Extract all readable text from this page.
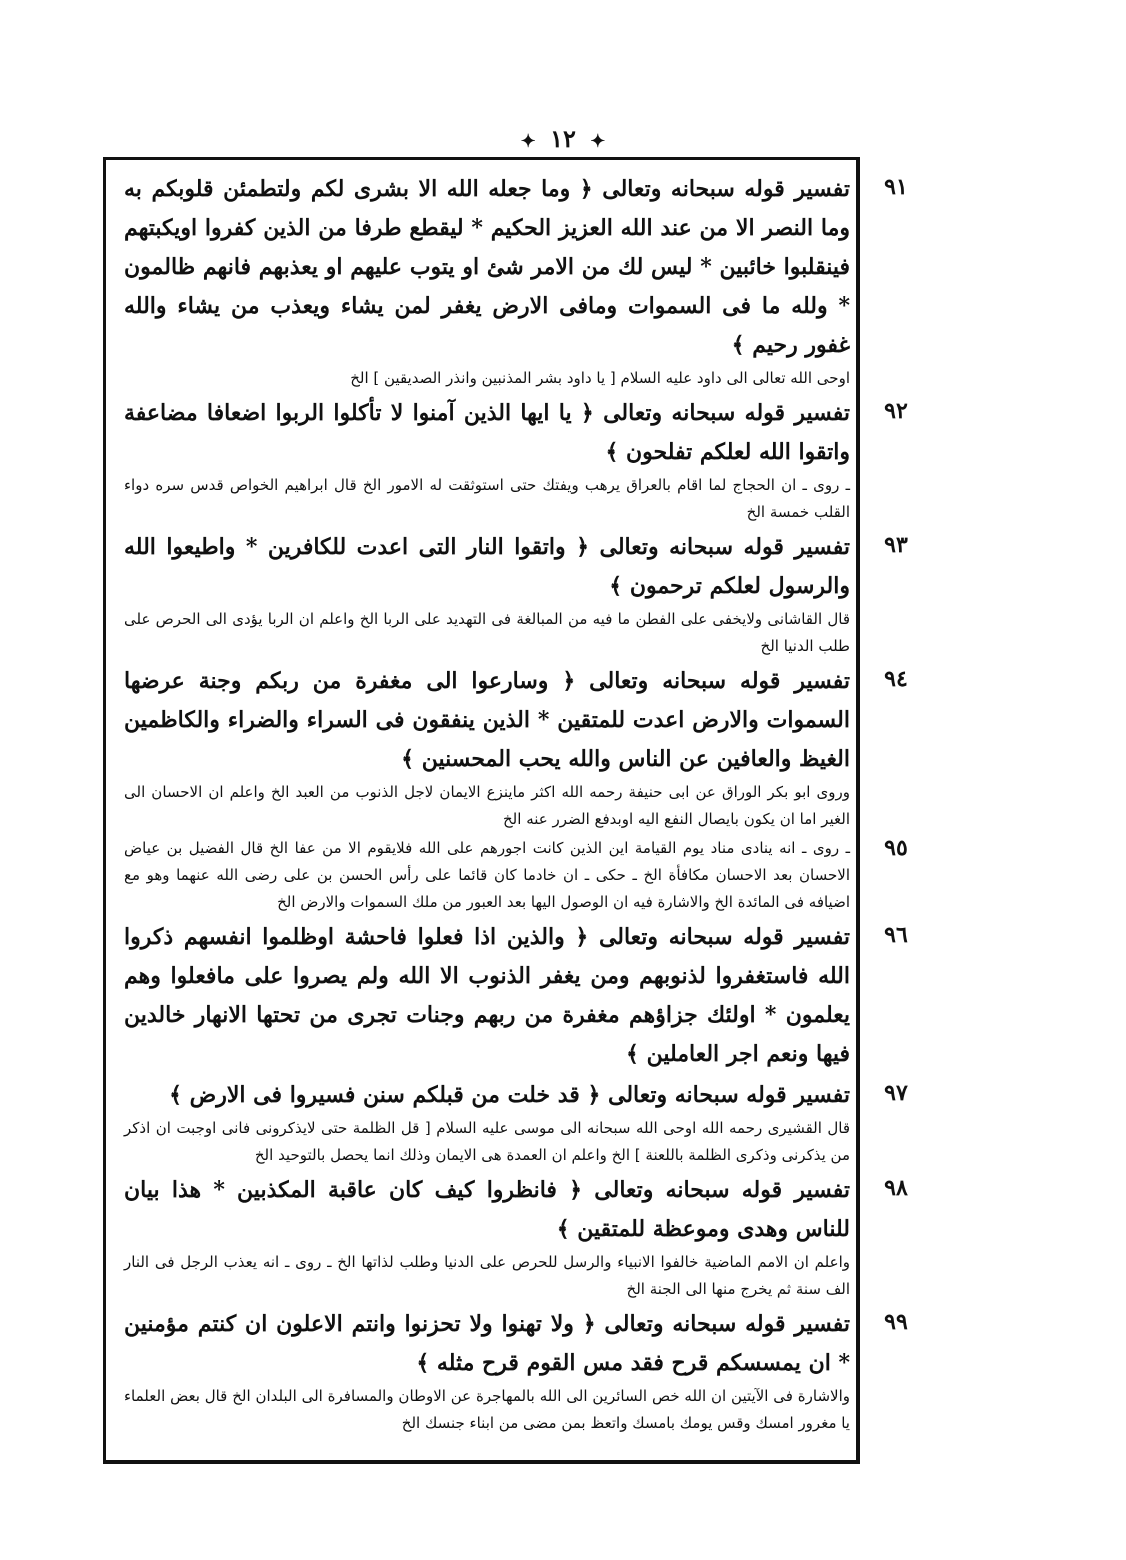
✦ ١٢ ✦
٩١

تفسير قوله سبحانه وتعالى ﴿ وما جعله الله الا بشرى لكم ولتطمئن قلوبكم به وما النصر الا من عند الله العزيز الحكيم * ليقطع طرفا من الذين كفروا اويكبتهم فينقلبوا خائبين * ليس لك من الامر شئ او يتوب عليهم او يعذبهم فانهم ظالمون * ولله ما فى السموات ومافى الارض يغفر لمن يشاء ويعذب من يشاء والله غفور رحيم ﴾

اوحى الله تعالى الى داود عليه السلام [ يا داود بشر المذنبين وانذر الصديقين ] الخ

٩٢

تفسير قوله سبحانه وتعالى ﴿ يا ايها الذين آمنوا لا تأكلوا الربوا اضعافا مضاعفة واتقوا الله لعلكم تفلحون ﴾

ـ روى ـ ان الحجاج لما اقام بالعراق يرهب ويفتك حتى استوثقت له الامور الخ قال ابراهيم الخواص قدس سره دواء القلب خمسة الخ

٩٣

تفسير قوله سبحانه وتعالى ﴿ واتقوا النار التى اعدت للكافرين * واطيعوا الله والرسول لعلكم ترحمون ﴾

قال القاشانى ولايخفى على الفطن ما فيه من المبالغة فى التهديد على الربا الخ واعلم ان الربا يؤدى الى الحرص على طلب الدنيا الخ

٩٤

تفسير قوله سبحانه وتعالى ﴿ وسارعوا الى مغفرة من ربكم وجنة عرضها السموات والارض اعدت للمتقين * الذين ينفقون فى السراء والضراء والكاظمين الغيظ والعافين عن الناس والله يحب المحسنين ﴾

وروى ابو بكر الوراق عن ابى حنيفة رحمه الله اكثر ماينزع الايمان لاجل الذنوب من العبد الخ واعلم ان الاحسان الى الغير اما ان يكون بايصال النفع اليه اوبدفع الضرر عنه الخ

٩٥

ـ روى ـ انه ينادى مناد يوم القيامة اين الذين كانت اجورهم على الله فلايقوم الا من عفا الخ قال الفضيل بن عياض الاحسان بعد الاحسان مكافأة الخ ـ حكى ـ ان خادما كان قائما على رأس الحسن بن على رضى الله عنهما وهو مع اضيافه فى المائدة الخ والاشارة فيه ان الوصول اليها بعد العبور من ملك السموات والارض الخ

٩٦

تفسير قوله سبحانه وتعالى ﴿ والذين اذا فعلوا فاحشة اوظلموا انفسهم ذكروا الله فاستغفروا لذنوبهم ومن يغفر الذنوب الا الله ولم يصروا على مافعلوا وهم يعلمون * اولئك جزاؤهم مغفرة من ربهم وجنات تجرى من تحتها الانهار خالدين فيها ونعم اجر العاملين ﴾

٩٧

تفسير قوله سبحانه وتعالى ﴿ قد خلت من قبلكم سنن فسيروا فى الارض ﴾

قال القشيرى رحمه الله اوحى الله سبحانه الى موسى عليه السلام [ قل الظلمة حتى لايذكرونى فانى اوجبت ان اذكر من يذكرنى وذكرى الظلمة باللعنة ] الخ واعلم ان العمدة هى الايمان وذلك انما يحصل بالتوحيد الخ

٩٨

تفسير قوله سبحانه وتعالى ﴿ فانظروا كيف كان عاقبة المكذبين * هذا بيان للناس وهدى وموعظة للمتقين ﴾

واعلم ان الامم الماضية خالفوا الانبياء والرسل للحرص على الدنيا وطلب لذاتها الخ ـ روى ـ انه يعذب الرجل فى النار الف سنة ثم يخرج منها الى الجنة الخ

٩٩

تفسير قوله سبحانه وتعالى ﴿ ولا تهنوا ولا تحزنوا وانتم الاعلون ان كنتم مؤمنين * ان يمسسكم قرح فقد مس القوم قرح مثله ﴾

والاشارة فى الآيتين ان الله خص السائرين الى الله بالمهاجرة عن الاوطان والمسافرة الى البلدان الخ قال بعض العلماء يا مغرور امسك وقس يومك بامسك واتعظ بمن مضى من ابناء جنسك الخ
